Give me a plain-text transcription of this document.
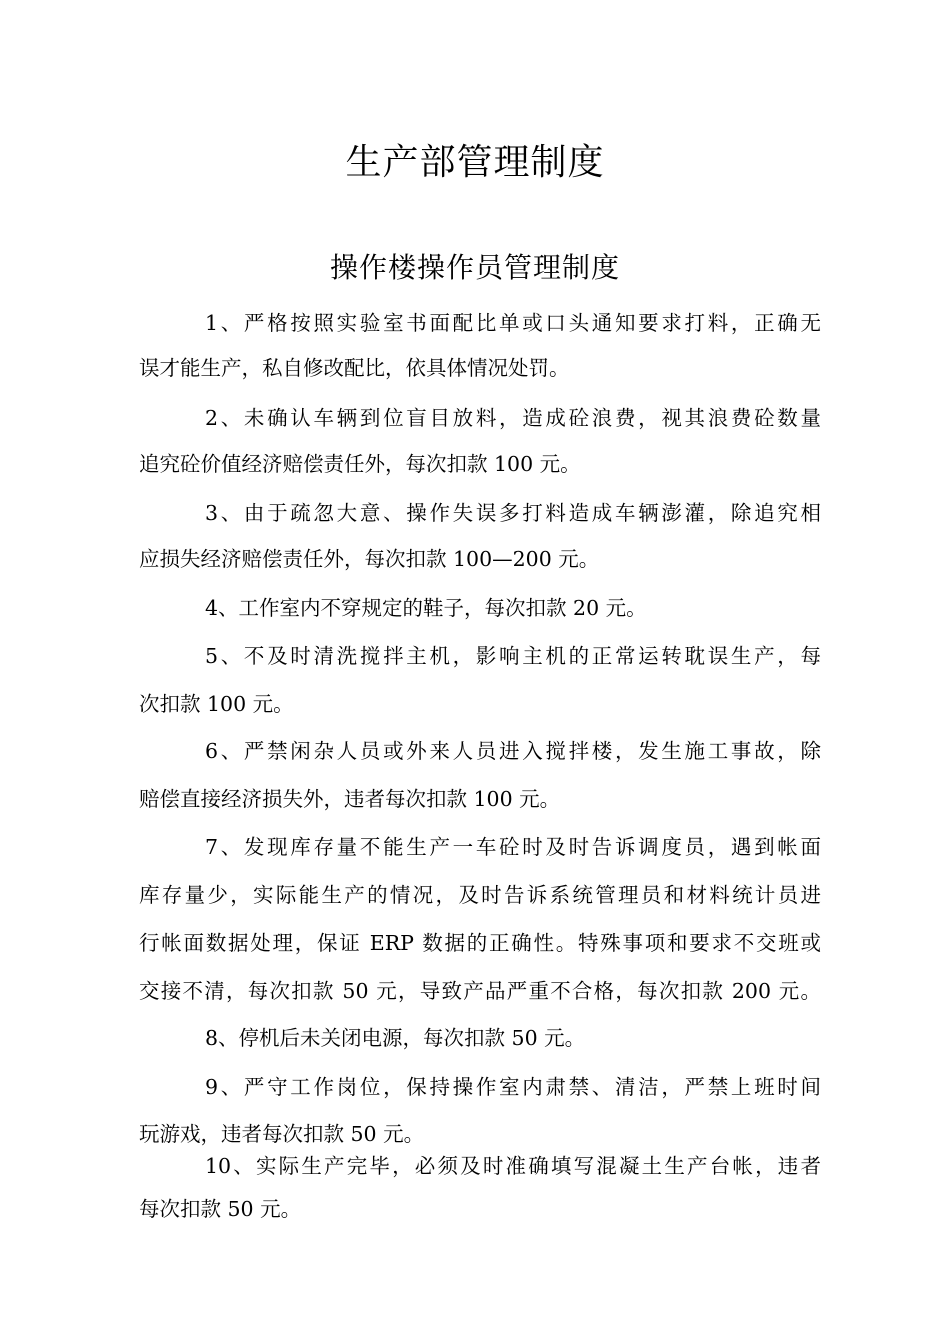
生产部管理制度
操作楼操作员管理制度
1、严格按照实验室书面配比单或口头通知要求打料，正确无
误才能生产，私自修改配比，依具体情况处罚。
2、未确认车辆到位盲目放料，造成砼浪费，视其浪费砼数量
追究砼价值经济赔偿责任外，每次扣款 100 元。
3、由于疏忽大意、操作失误多打料造成车辆澎灌，除追究相
应损失经济赔偿责任外，每次扣款 100—200 元。
4、工作室内不穿规定的鞋子，每次扣款 20 元。
5、不及时清洗搅拌主机，影响主机的正常运转耽误生产，每
次扣款 100 元。
6、严禁闲杂人员或外来人员进入搅拌楼，发生施工事故，除
赔偿直接经济损失外，违者每次扣款 100 元。
7、发现库存量不能生产一车砼时及时告诉调度员，遇到帐面
库存量少，实际能生产的情况，及时告诉系统管理员和材料统计员进
行帐面数据处理，保证 ERP 数据的正确性。特殊事项和要求不交班或
交接不清，每次扣款 50 元，导致产品严重不合格，每次扣款 200 元。
8、停机后未关闭电源，每次扣款 50 元。
9、严守工作岗位，保持操作室内肃禁、清洁，严禁上班时间
玩游戏，违者每次扣款 50 元。
10、实际生产完毕，必须及时准确填写混凝土生产台帐，违者
每次扣款 50 元。
